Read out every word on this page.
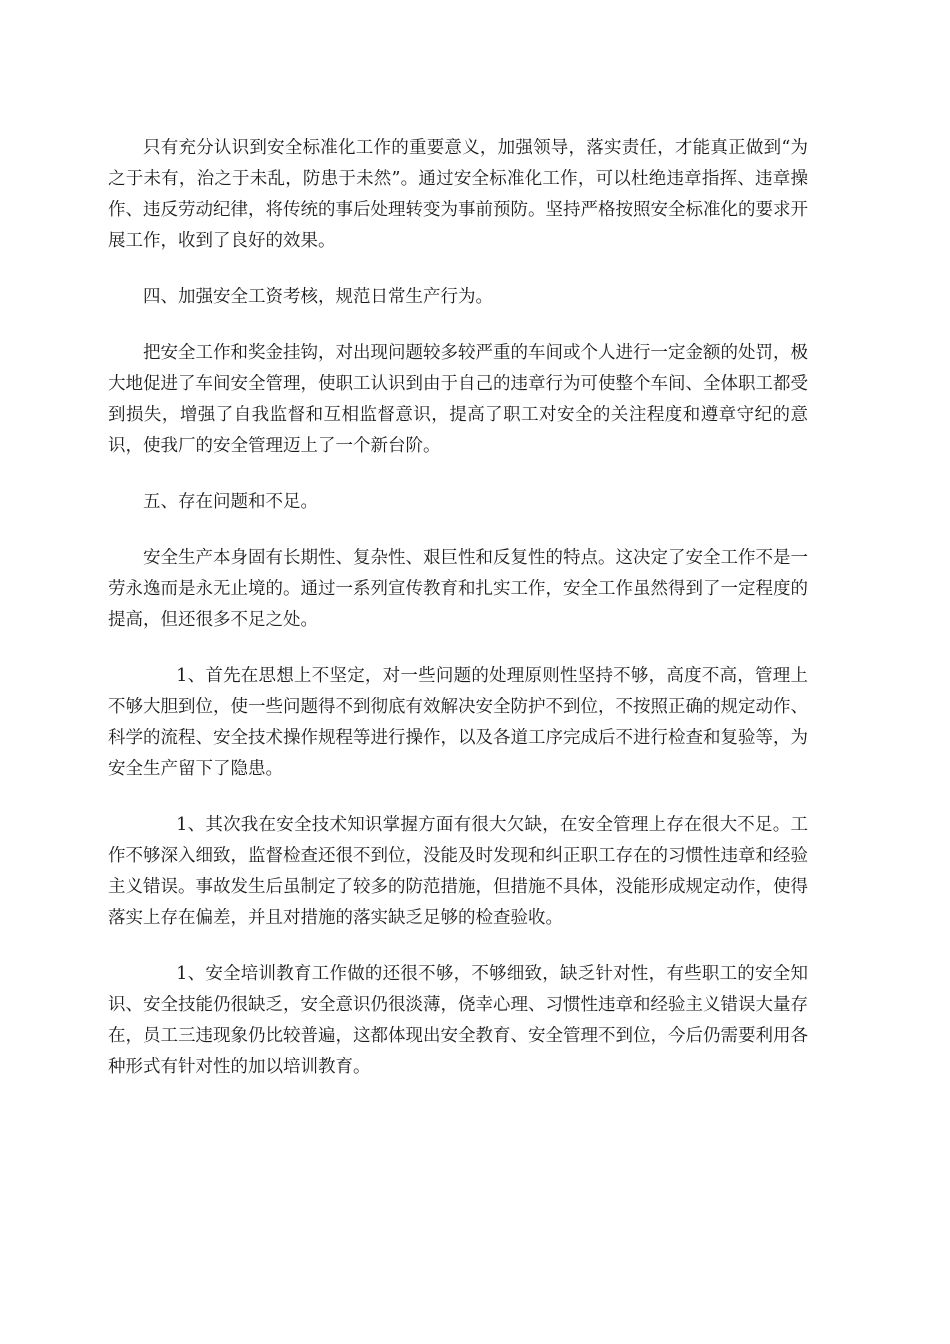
只有充分认识到安全标准化工作的重要意义，加强领导，落实责任，才能真正做到“为之于未有，治之于未乱，防患于未然”。通过安全标准化工作，可以杜绝违章指挥、违章操作、违反劳动纪律，将传统的事后处理转变为事前预防。坚持严格按照安全标准化的要求开展工作，收到了良好的效果。

四、加强安全工资考核，规范日常生产行为。

把安全工作和奖金挂钩，对出现问题较多较严重的车间或个人进行一定金额的处罚，极大地促进了车间安全管理，使职工认识到由于自己的违章行为可使整个车间、全体职工都受到损失，增强了自我监督和互相监督意识，提高了职工对安全的关注程度和遵章守纪的意识，使我厂的安全管理迈上了一个新台阶。

五、存在问题和不足。

安全生产本身固有长期性、复杂性、艰巨性和反复性的特点。这决定了安全工作不是一劳永逸而是永无止境的。通过一系列宣传教育和扎实工作，安全工作虽然得到了一定程度的提高，但还很多不足之处。

1、首先在思想上不坚定，对一些问题的处理原则性坚持不够，高度不高，管理上不够大胆到位，使一些问题得不到彻底有效解决安全防护不到位，不按照正确的规定动作、科学的流程、安全技术操作规程等进行操作，以及各道工序完成后不进行检查和复验等，为安全生产留下了隐患。

1、其次我在安全技术知识掌握方面有很大欠缺，在安全管理上存在很大不足。工作不够深入细致，监督检查还很不到位，没能及时发现和纠正职工存在的习惯性违章和经验主义错误。事故发生后虽制定了较多的防范措施，但措施不具体，没能形成规定动作，使得落实上存在偏差，并且对措施的落实缺乏足够的检查验收。

1、安全培训教育工作做的还很不够，不够细致，缺乏针对性，有些职工的安全知识、安全技能仍很缺乏，安全意识仍很淡薄，侥幸心理、习惯性违章和经验主义错误大量存在，员工三违现象仍比较普遍，这都体现出安全教育、安全管理不到位，今后仍需要利用各种形式有针对性的加以培训教育。
